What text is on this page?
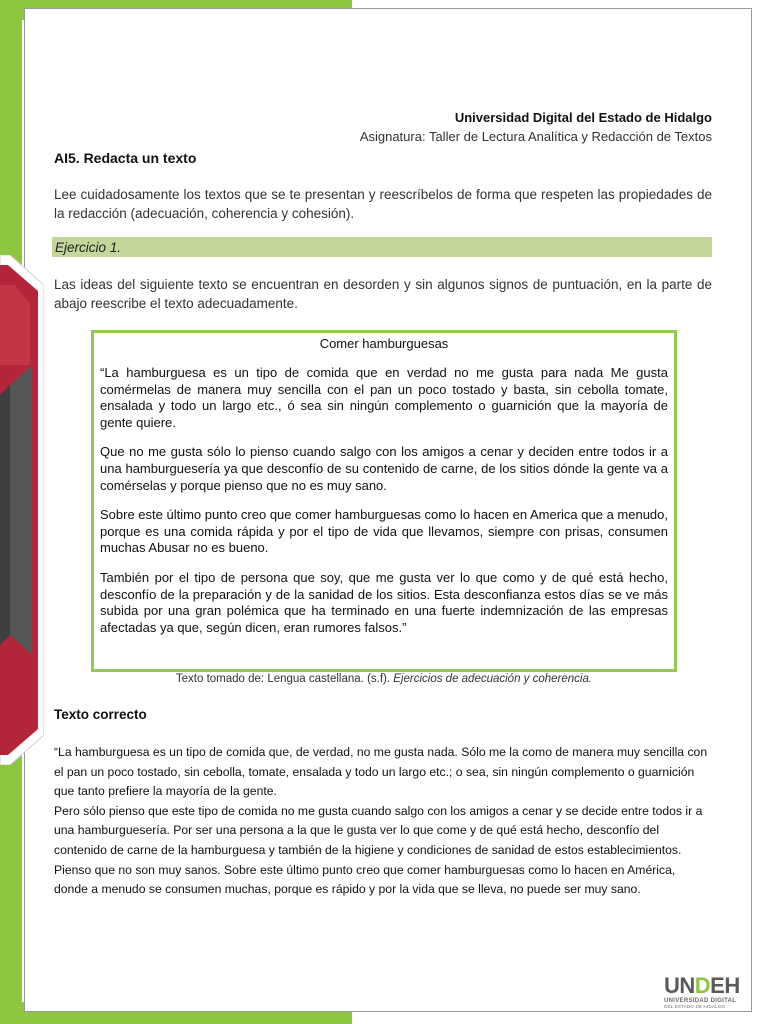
Universidad Digital del Estado de Hidalgo
Asignatura: Taller de Lectura Analítica y Redacción de Textos
AI5. Redacta un texto
Lee cuidadosamente los textos que se te presentan y reescríbelos de forma que respeten las propiedades de la redacción (adecuación, coherencia y cohesión).
Ejercicio 1.
Las ideas del siguiente texto se encuentran en desorden y sin algunos signos de puntuación, en la parte de abajo reescribe el texto adecuadamente.
Comer hamburguesas

“La hamburguesa es un tipo de comida que en verdad no me gusta para nada Me gusta comérmelas de manera muy sencilla con el pan un poco tostado y basta, sin cebolla tomate, ensalada y todo un largo etc., ó sea sin ningún complemento o guarnición que la mayoría de gente quiere.

Que no me gusta sólo lo pienso cuando salgo con los amigos a cenar y deciden entre todos ir a una hamburguesería ya que desconfío de su contenido de carne, de los sitios dónde la gente va a comérselas y porque pienso que no es muy sano.

Sobre este último punto creo que comer hamburguesas como lo hacen en America que a menudo, porque es una comida rápida y por el tipo de vida que llevamos, siempre con prisas, consumen muchas Abusar no es bueno.

También por el tipo de persona que soy, que me gusta ver lo que como y de qué está hecho, desconfío de la preparación y de la sanidad de los sitios. Esta desconfianza estos días se ve más subida por una gran polémica que ha terminado en una fuerte indemnización de las empresas afectadas ya que, según dicen, eran rumores falsos.”

Texto tomado de: Lengua castellana. (s.f). Ejercicios de adecuación y coherencia.
Texto correcto

“La hamburguesa es un tipo de comida que, de verdad, no me gusta nada. Sólo me la como de manera muy sencilla con el pan un poco tostado, sin cebolla, tomate, ensalada y todo un largo etc.; o sea, sin ningún complemento o guarnición que tanto prefiere la mayoría de la gente.

Pero sólo pienso que este tipo de comida no me gusta cuando salgo con los amigos a cenar y se decide entre todos ir a una hamburguesería. Por ser una persona a la que le gusta ver lo que come y de qué está hecho, desconfío del contenido de carne de la hamburguesa y también de la higiene y condiciones de sanidad de estos establecimientos. Pienso que no son muy sanos. Sobre este último punto creo que comer hamburguesas como lo hacen en América, donde a menudo se consumen muchas, porque es rápido y por la vida que se lleva, no puede ser muy sano.

UNDEH
UNIVERSIDAD DIGITAL
DEL ESTADO DE HIDALGO
